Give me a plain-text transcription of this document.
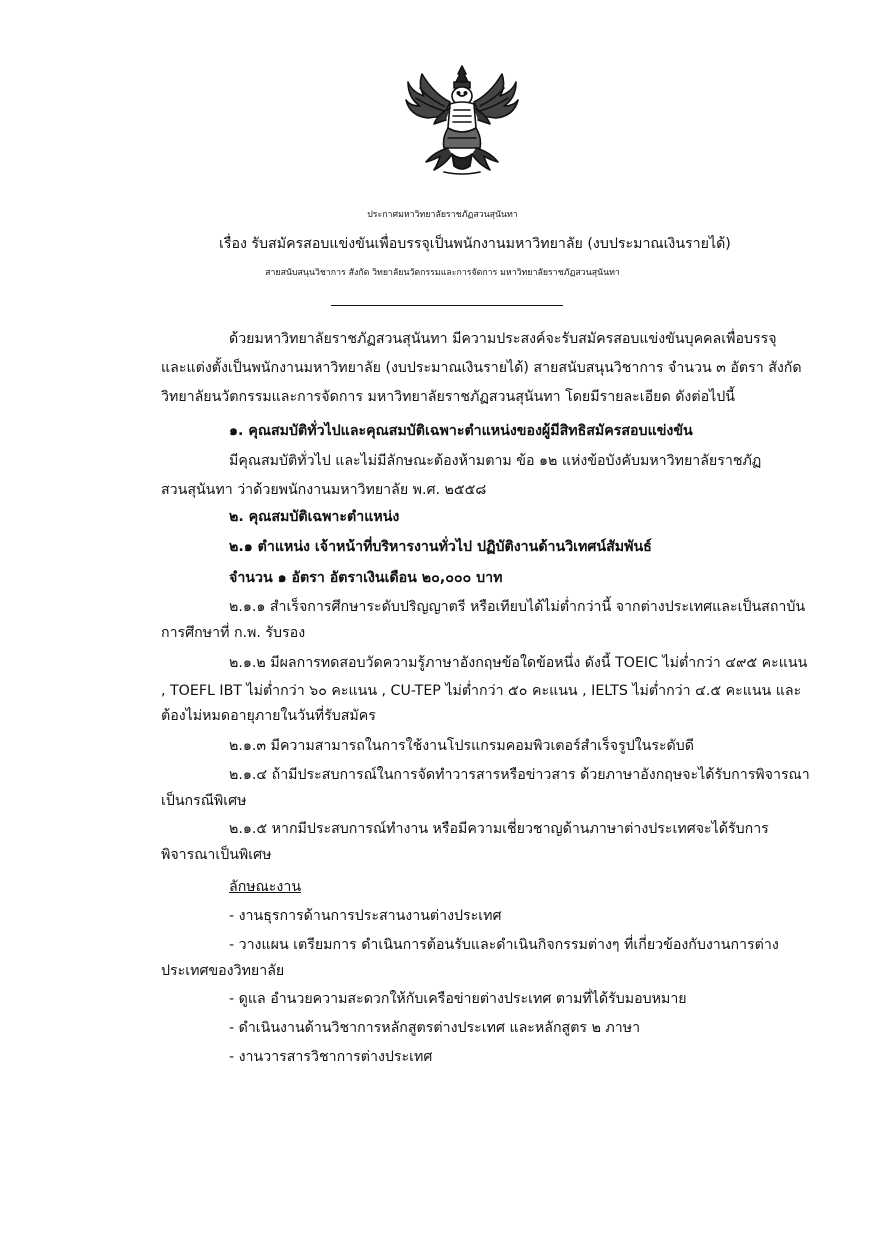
ประกาศมหาวิทยาลัยราชภัฏสวนสุนันทา
เรื่อง รับสมัครสอบแข่งขันเพื่อบรรจุเป็นพนักงานมหาวิทยาลัย (งบประมาณเงินรายได้)
สายสนับสนุนวิชาการ สังกัด วิทยาลัยนวัตกรรมและการจัดการ มหาวิทยาลัยราชภัฏสวนสุนันทา
ด้วยมหาวิทยาลัยราชภัฏสวนสุนันทา มีความประสงค์จะรับสมัครสอบแข่งขันบุคคลเพื่อบรรจุ
และแต่งตั้งเป็นพนักงานมหาวิทยาลัย (งบประมาณเงินรายได้) สายสนับสนุนวิชาการ จำนวน ๓ อัตรา สังกัด
วิทยาลัยนวัตกรรมและการจัดการ มหาวิทยาลัยราชภัฏสวนสุนันทา โดยมีรายละเอียด ดังต่อไปนี้
๑. คุณสมบัติทั่วไปและคุณสมบัติเฉพาะตำแหน่งของผู้มีสิทธิสมัครสอบแข่งขัน
มีคุณสมบัติทั่วไป และไม่มีลักษณะต้องห้ามตาม ข้อ ๑๒ แห่งข้อบังคับมหาวิทยาลัยราชภัฏ
สวนสุนันทา ว่าด้วยพนักงานมหาวิทยาลัย พ.ศ. ๒๕๕๘
๒. คุณสมบัติเฉพาะตำแหน่ง
๒.๑ ตำแหน่ง เจ้าหน้าที่บริหารงานทั่วไป ปฏิบัติงานด้านวิเทศน์สัมพันธ์
จำนวน ๑ อัตรา อัตราเงินเดือน ๒๐,๐๐๐ บาท
๒.๑.๑ สำเร็จการศึกษาระดับปริญญาตรี หรือเทียบได้ไม่ต่ำกว่านี้ จากต่างประเทศและเป็นสถาบัน
การศึกษาที่ ก.พ. รับรอง
๒.๑.๒ มีผลการทดสอบวัดความรู้ภาษาอังกฤษข้อใดข้อหนึ่ง ดังนี้ TOEIC ไม่ต่ำกว่า ๔๙๕ คะแนน
, TOEFL IBT ไม่ต่ำกว่า ๖๐ คะแนน , CU-TEP ไม่ต่ำกว่า ๕๐ คะแนน , IELTS ไม่ต่ำกว่า ๔.๕ คะแนน และ
ต้องไม่หมดอายุภายในวันที่รับสมัคร
๒.๑.๓ มีความสามารถในการใช้งานโปรแกรมคอมพิวเตอร์สำเร็จรูปในระดับดี
๒.๑.๔ ถ้ามีประสบการณ์ในการจัดทำวารสารหรือข่าวสาร ด้วยภาษาอังกฤษจะได้รับการพิจารณา
เป็นกรณีพิเศษ
๒.๑.๕ หากมีประสบการณ์ทำงาน หรือมีความเชี่ยวชาญด้านภาษาต่างประเทศจะได้รับการ
พิจารณาเป็นพิเศษ
ลักษณะงาน
- งานธุรการด้านการประสานงานต่างประเทศ
- วางแผน เตรียมการ ดำเนินการต้อนรับและดำเนินกิจกรรมต่างๆ ที่เกี่ยวข้องกับงานการต่าง
ประเทศของวิทยาลัย
- ดูแล อำนวยความสะดวกให้กับเครือข่ายต่างประเทศ ตามที่ได้รับมอบหมาย
- ดำเนินงานด้านวิชาการหลักสูตรต่างประเทศ และหลักสูตร ๒ ภาษา
- งานวารสารวิชาการต่างประเทศ
